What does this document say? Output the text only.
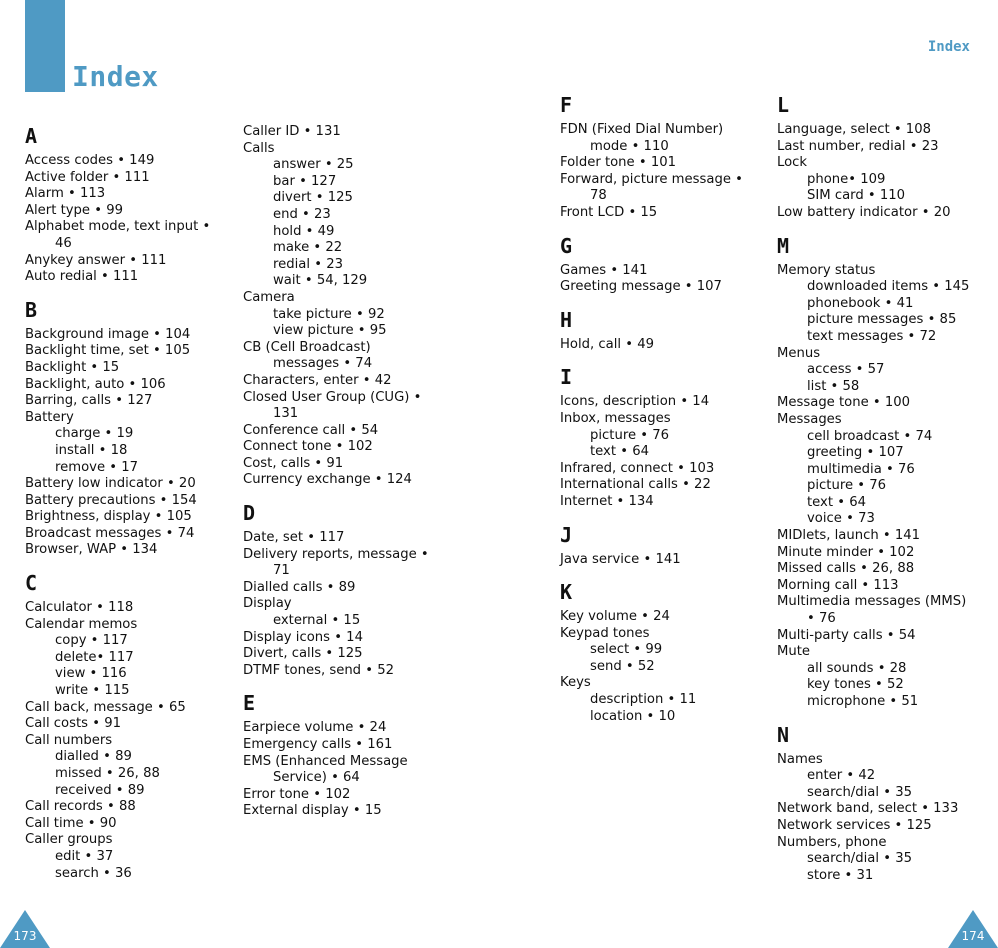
Index
Index
A
Access codes • 149
Active folder • 111
Alarm • 113
Alert type • 99
Alphabet mode, text input •
46
Anykey answer • 111
Auto redial • 111
B
Background image • 104
Backlight time, set • 105
Backlight • 15
Backlight, auto • 106
Barring, calls • 127
Battery
charge • 19
install • 18
remove • 17
Battery low indicator • 20
Battery precautions • 154
Brightness, display • 105
Broadcast messages • 74
Browser, WAP • 134
C
Calculator • 118
Calendar memos
copy • 117
delete• 117
view • 116
write • 115
Call back, message • 65
Call costs • 91
Call numbers
dialled • 89
missed • 26, 88
received • 89
Call records • 88
Call time • 90
Caller groups
edit • 37
search • 36
Caller ID • 131
Calls
answer • 25
bar • 127
divert • 125
end • 23
hold • 49
make • 22
redial • 23
wait • 54, 129
Camera
take picture • 92
view picture • 95
CB (Cell Broadcast)
messages • 74
Characters, enter • 42
Closed User Group (CUG) •
131
Conference call • 54
Connect tone • 102
Cost, calls • 91
Currency exchange • 124
D
Date, set • 117
Delivery reports, message •
71
Dialled calls • 89
Display
external • 15
Display icons • 14
Divert, calls • 125
DTMF tones, send • 52
E
Earpiece volume • 24
Emergency calls • 161
EMS (Enhanced Message
Service) • 64
Error tone • 102
External display • 15
F
FDN (Fixed Dial Number)
mode • 110
Folder tone • 101
Forward, picture message •
78
Front LCD • 15
G
Games • 141
Greeting message • 107
H
Hold, call • 49
I
Icons, description • 14
Inbox, messages
picture • 76
text • 64
Infrared, connect • 103
International calls • 22
Internet • 134
J
Java service • 141
K
Key volume • 24
Keypad tones
select • 99
send • 52
Keys
description • 11
location • 10
L
Language, select • 108
Last number, redial • 23
Lock
phone• 109
SIM card • 110
Low battery indicator • 20
M
Memory status
downloaded items • 145
phonebook • 41
picture messages • 85
text messages • 72
Menus
access • 57
list • 58
Message tone • 100
Messages
cell broadcast • 74
greeting • 107
multimedia • 76
picture • 76
text • 64
voice • 73
MIDlets, launch • 141
Minute minder • 102
Missed calls • 26, 88
Morning call • 113
Multimedia messages (MMS)
• 76
Multi-party calls • 54
Mute
all sounds • 28
key tones • 52
microphone • 51
N
Names
enter • 42
search/dial • 35
Network band, select • 133
Network services • 125
Numbers, phone
search/dial • 35
store • 31
173	174
